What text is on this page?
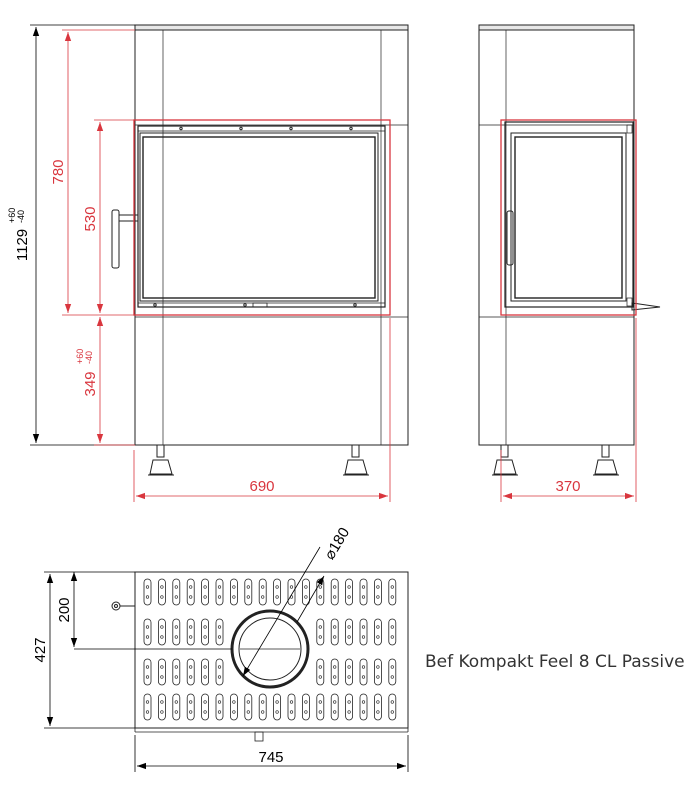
1129
+60 -40
780
530
349
+60 -40
690	370
745
427
200
⌀180
Bef Kompakt Feel 8 CL Passive
